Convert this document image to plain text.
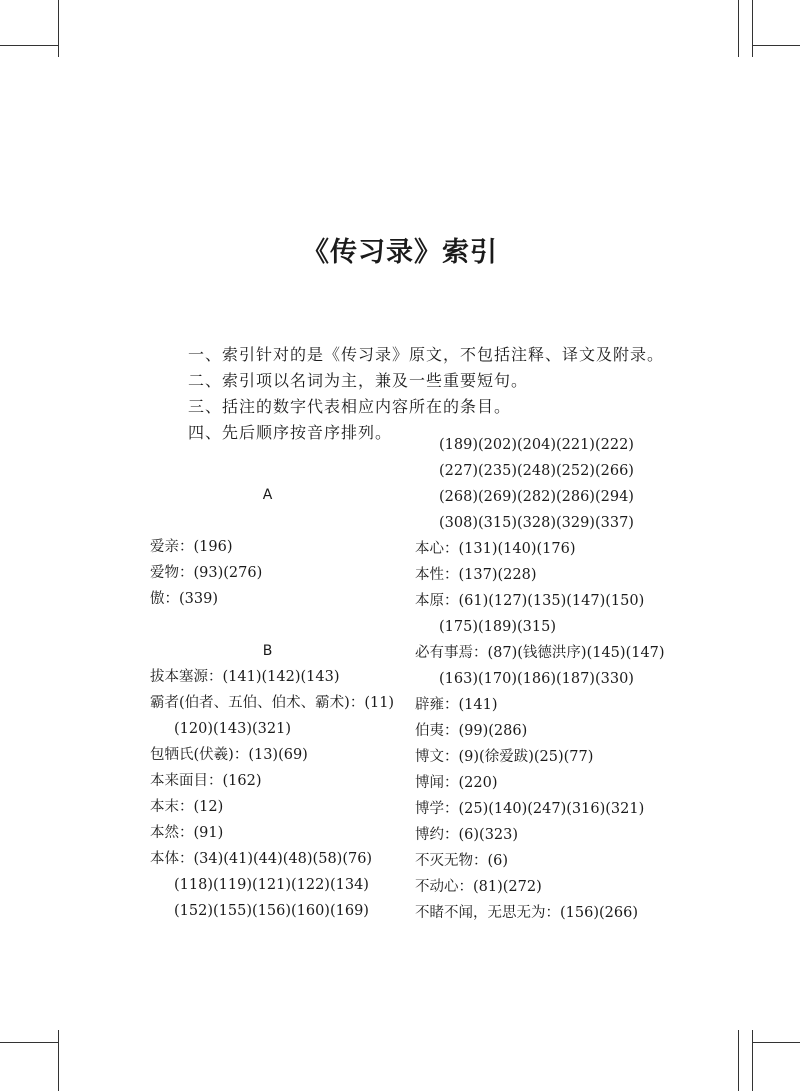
《传习录》索引
一、索引针对的是《传习录》原文，不包括注释、译文及附录。
二、索引项以名词为主，兼及一些重要短句。
三、括注的数字代表相应内容所在的条目。
四、先后顺序按音序排列。
A
爱亲：(196)
爱物：(93)(276)
傲：(339)
B
拔本塞源：(141)(142)(143)
霸者(伯者、五伯、伯术、霸术)：(11)
(120)(143)(321)
包牺氏(伏羲)：(13)(69)
本来面目：(162)
本末：(12)
本然：(91)
本体：(34)(41)(44)(48)(58)(76)
(118)(119)(121)(122)(134)
(152)(155)(156)(160)(169)
(189)(202)(204)(221)(222)
(227)(235)(248)(252)(266)
(268)(269)(282)(286)(294)
(308)(315)(328)(329)(337)
本心：(131)(140)(176)
本性：(137)(228)
本原：(61)(127)(135)(147)(150)
(175)(189)(315)
必有事焉：(87)(钱德洪序)(145)(147)
(163)(170)(186)(187)(330)
辟雍：(141)
伯夷：(99)(286)
博文：(9)(徐爱跋)(25)(77)
博闻：(220)
博学：(25)(140)(247)(316)(321)
博约：(6)(323)
不灭无物：(6)
不动心：(81)(272)
不睹不闻，无思无为：(156)(266)
